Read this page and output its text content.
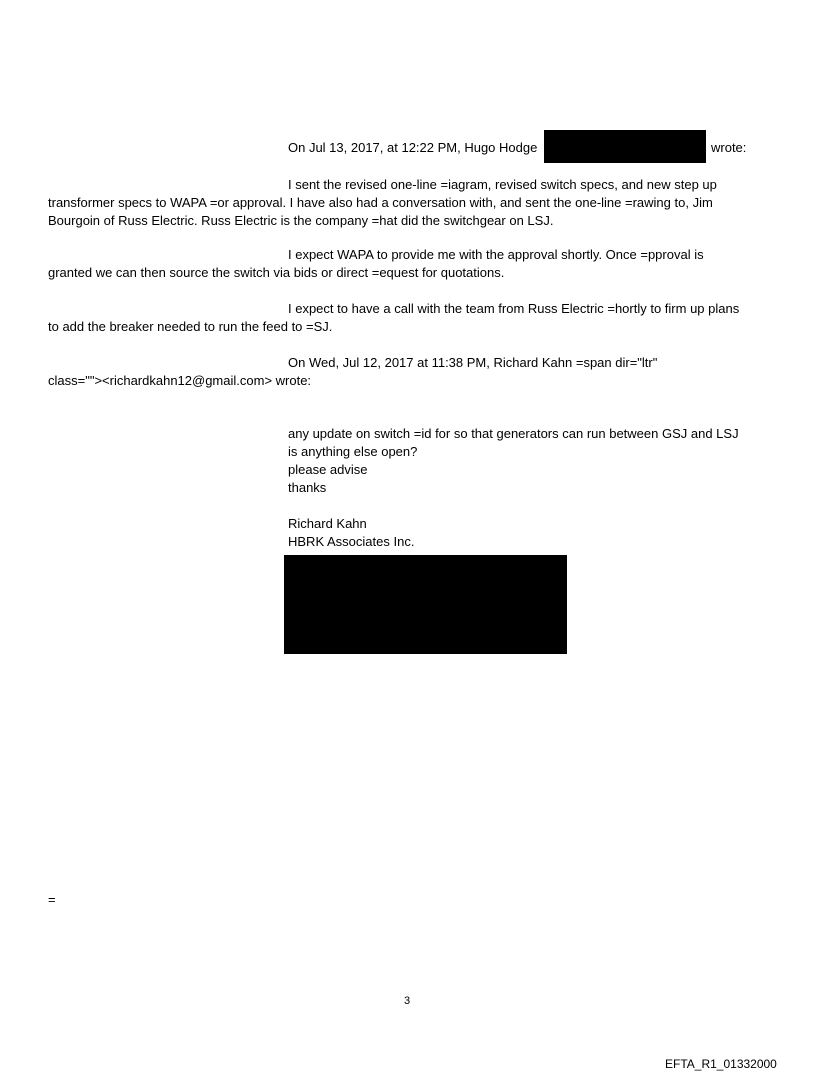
On Jul 13, 2017, at 12:22 PM, Hugo Hodge	wrote:
I sent the revised one-line =iagram, revised switch specs, and new step up
transformer specs to WAPA =or approval. I have also had a conversation with, and sent the one-line =rawing to, Jim
Bourgoin of Russ Electric. Russ Electric is the company =hat did the switchgear on LSJ.
I expect WAPA to provide me with the approval shortly. Once =pproval is
granted we can then source the switch via bids or direct =equest for quotations.
I expect to have a call with the team from Russ Electric =hortly to firm up plans
to add the breaker needed to run the feed to =SJ.
On Wed, Jul 12, 2017 at 11:38 PM, Richard Kahn =span dir="ltr"
class=""><richardkahn12@gmail.com> wrote:
any update on switch =id for so that generators can run between GSJ and LSJ
is anything else open?
please advise
thanks
Richard Kahn
HBRK Associates Inc.
=
3
EFTA_R1_01332000
